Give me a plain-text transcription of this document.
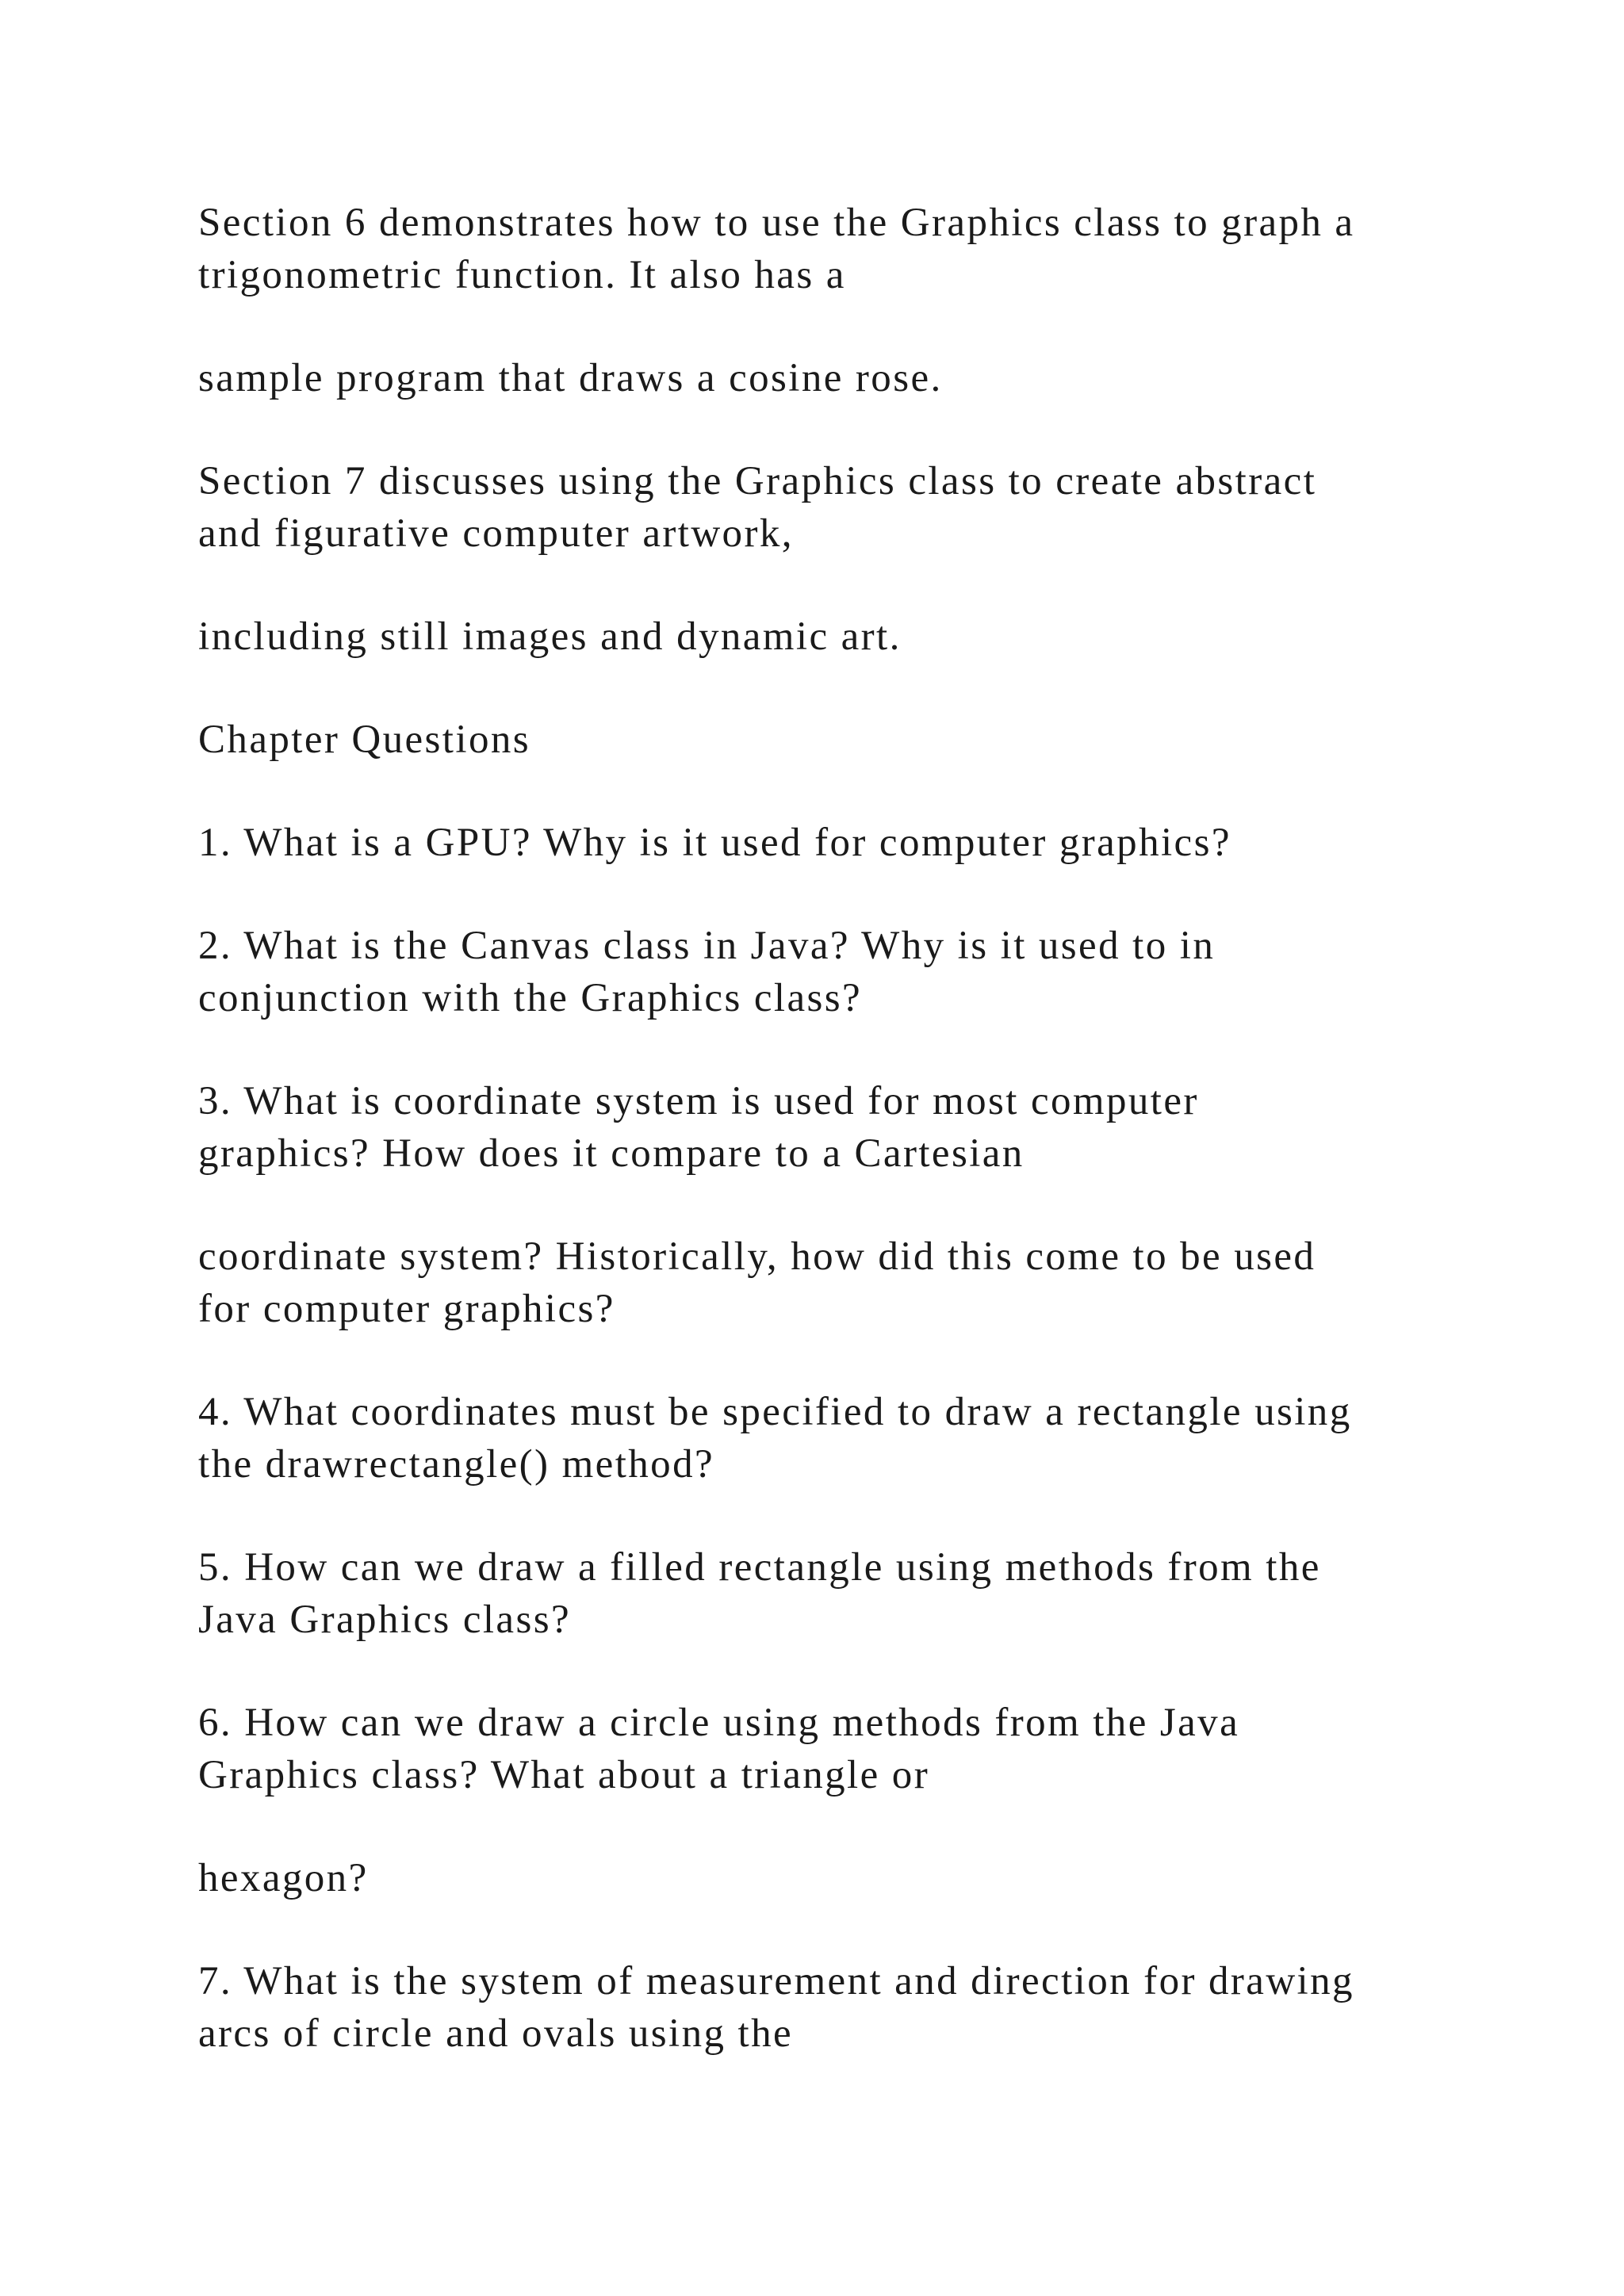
Section 6 demonstrates how to use the Graphics class to graph a
trigonometric function. It also has a

sample program that draws a cosine rose.

Section 7 discusses using the Graphics class to create abstract
and figurative computer artwork,

including still images and dynamic art.

Chapter Questions

1. What is a GPU? Why is it used for computer graphics?

2. What is the Canvas class in Java? Why is it used to in
conjunction with the Graphics class?

3. What is coordinate system is used for most computer
graphics? How does it compare to a Cartesian

coordinate system? Historically, how did this come to be used
for computer graphics?

4. What coordinates must be specified to draw a rectangle using
the drawrectangle() method?

5. How can we draw a filled rectangle using methods from the
Java Graphics class?

6. How can we draw a circle using methods from the Java
Graphics class? What about a triangle or

hexagon?

7. What is the system of measurement and direction for drawing
arcs of circle and ovals using the
